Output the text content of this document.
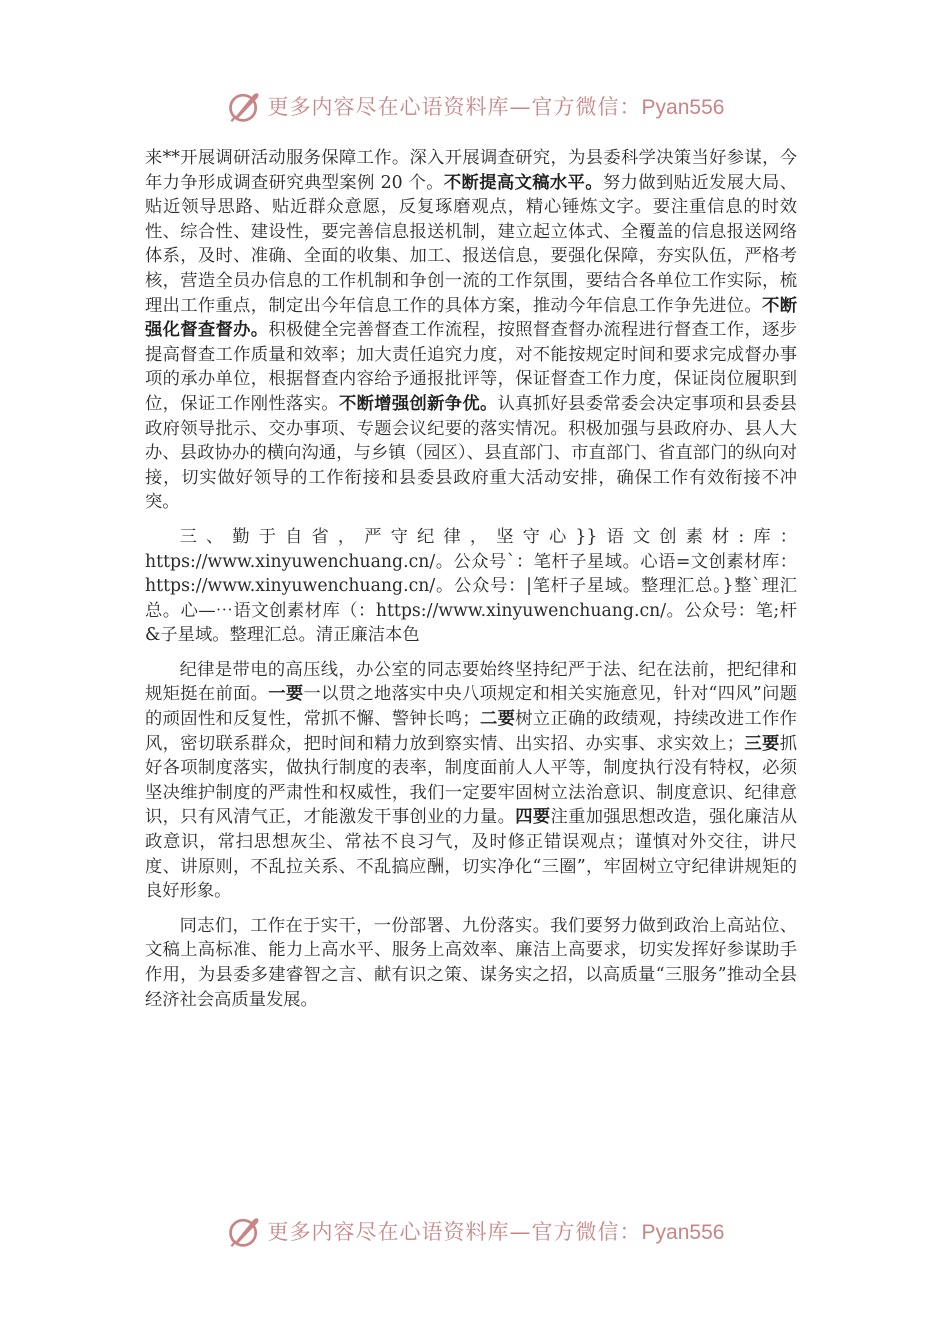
更多内容尽在心语资料库—官方微信：Pyan556

来**开展调研活动服务保障工作。深入开展调查研究，为县委科学决策当好参谋，今年力争形成调查研究典型案例 20 个。不断提高文稿水平。努力做到贴近发展大局、贴近领导思路、贴近群众意愿，反复琢磨观点，精心锤炼文字。要注重信息的时效性、综合性、建设性，要完善信息报送机制，建立起立体式、全覆盖的信息报送网络体系，及时、准确、全面的收集、加工、报送信息，要强化保障，夯实队伍，严格考核，营造全员办信息的工作机制和争创一流的工作氛围，要结合各单位工作实际，梳理出工作重点，制定出今年信息工作的具体方案，推动今年信息工作争先进位。不断强化督查督办。积极健全完善督查工作流程，按照督查督办流程进行督查工作，逐步提高督查工作质量和效率；加大责任追究力度，对不能按规定时间和要求完成督办事项的承办单位，根据督查内容给予通报批评等，保证督查工作力度，保证岗位履职到位，保证工作刚性落实。不断增强创新争优。认真抓好县委常委会决定事项和县委县政府领导批示、交办事项、专题会议纪要的落实情况。积极加强与县政府办、县人大办、县政协办的横向沟通，与乡镇（园区）、县直部门、市直部门、省直部门的纵向对接，切实做好领导的工作衔接和县委县政府重大活动安排，确保工作有效衔接不冲突。

三、勤于自省，严守纪律，坚守心}}语文创素材:库：https://www.xinyuwenchuang.cn/。公众号`：笔杆子星域。心语=文创素材库：https://www.xinyuwenchuang.cn/。公众号：|笔杆子星域。整理汇总。}整`理汇总。心—⋯语文创素材库（：https://www.xinyuwenchuang.cn/。公众号：笔;杆&子星域。整理汇总。清正廉洁本色

纪律是带电的高压线，办公室的同志要始终坚持纪严于法、纪在法前，把纪律和规矩挺在前面。一要一以贯之地落实中央八项规定和相关实施意见，针对“四风”问题的顽固性和反复性，常抓不懈、警钟长鸣；二要树立正确的政绩观，持续改进工作作风，密切联系群众，把时间和精力放到察实情、出实招、办实事、求实效上；三要抓好各项制度落实，做执行制度的表率，制度面前人人平等，制度执行没有特权，必须坚决维护制度的严肃性和权威性，我们一定要牢固树立法治意识、制度意识、纪律意识，只有风清气正，才能激发干事创业的力量。四要注重加强思想改造，强化廉洁从政意识，常扫思想灰尘、常祛不良习气，及时修正错误观点；谨慎对外交往，讲尺度、讲原则，不乱拉关系、不乱搞应酬，切实净化“三圈”，牢固树立守纪律讲规矩的良好形象。

同志们，工作在于实干，一份部署、九份落实。我们要努力做到政治上高站位、文稿上高标准、能力上高水平、服务上高效率、廉洁上高要求，切实发挥好参谋助手作用，为县委多建睿智之言、献有识之策、谋务实之招，以高质量“三服务”推动全县经济社会高质量发展。

更多内容尽在心语资料库—官方微信：Pyan556
